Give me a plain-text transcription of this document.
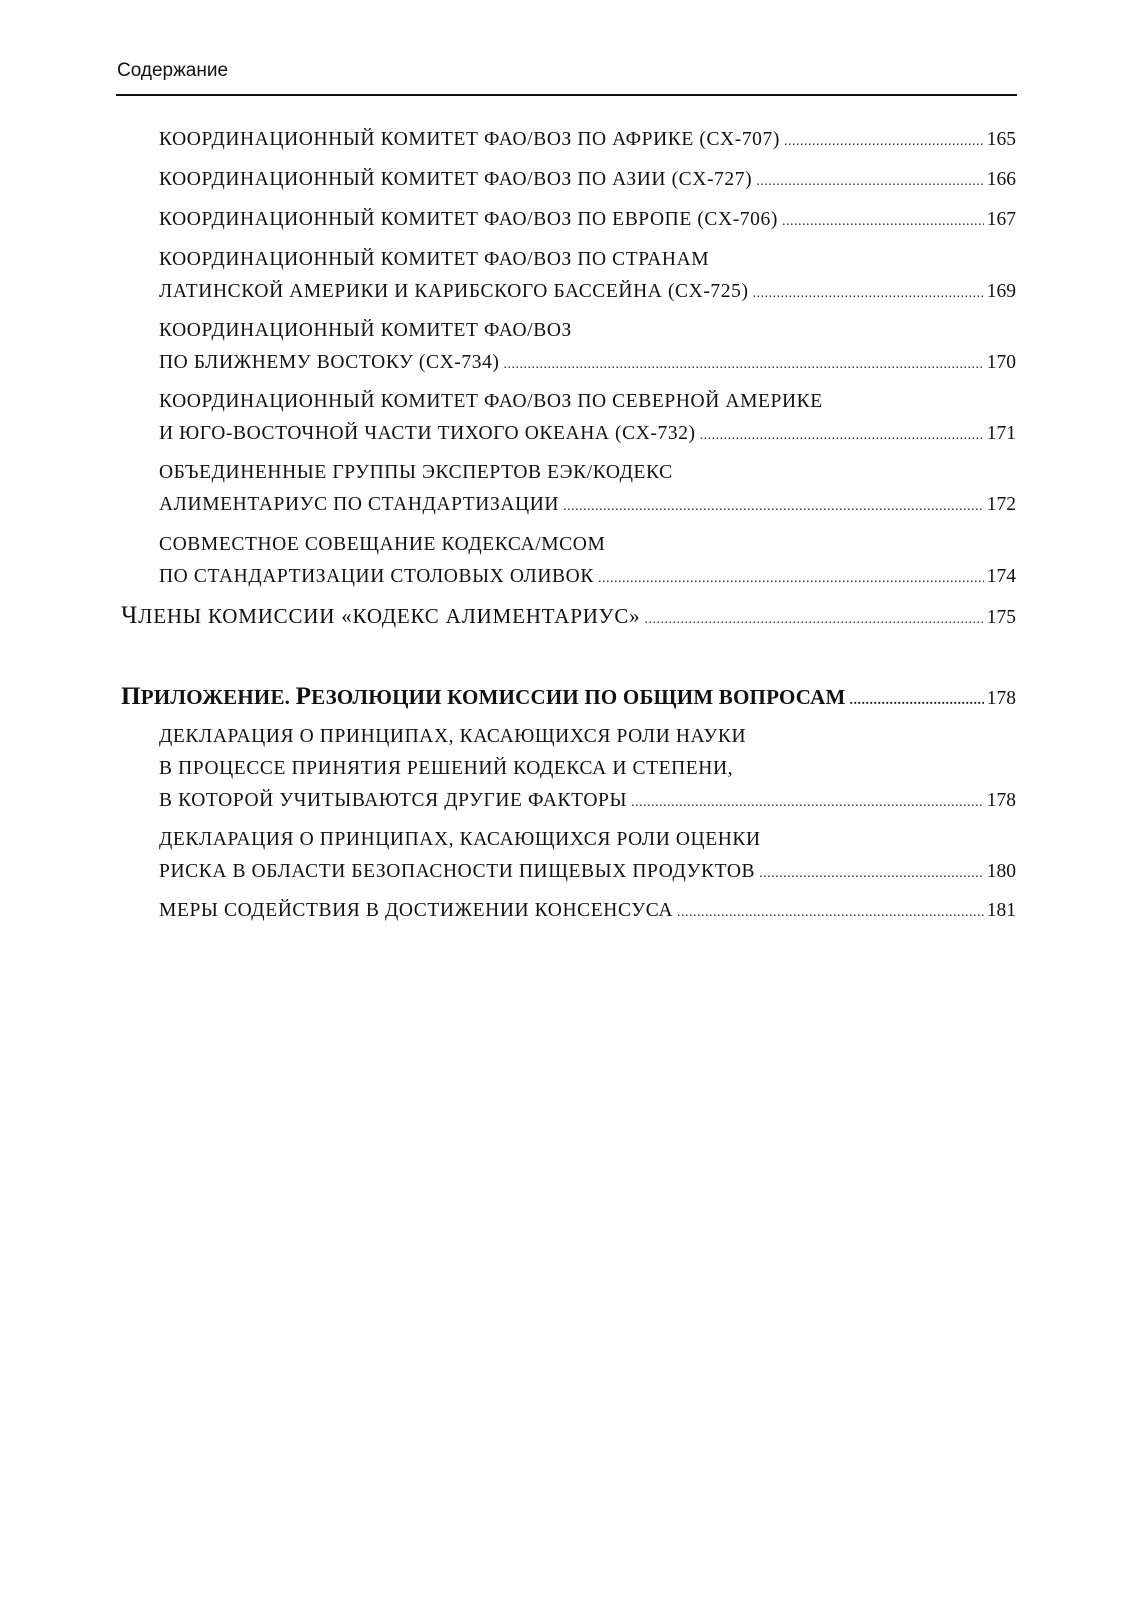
Содержание
КООРДИНАЦИОННЫЙ КОМИТЕТ ФАО/ВОЗ ПО АФРИКЕ (CX-707) .....	165
КООРДИНАЦИОННЫЙ КОМИТЕТ ФАО/ВОЗ ПО АЗИИ (CX-727) .....	166
КООРДИНАЦИОННЫЙ КОМИТЕТ ФАО/ВОЗ ПО ЕВРОПЕ (CX-706) .....	167
КООРДИНАЦИОННЫЙ КОМИТЕТ ФАО/ВОЗ ПО СТРАНАМ
ЛАТИНСКОЙ АМЕРИКИ И КАРИБСКОГО БАССЕЙНА (CX-725) .....	169
КООРДИНАЦИОННЫЙ КОМИТЕТ ФАО/ВОЗ
ПО БЛИЖНЕМУ ВОСТОКУ (CX-734) .....	170
КООРДИНАЦИОННЫЙ КОМИТЕТ ФАО/ВОЗ ПО СЕВЕРНОЙ АМЕРИКЕ
И ЮГО-ВОСТОЧНОЙ ЧАСТИ ТИХОГО ОКЕАНА (CX-732) .....	171
ОБЪЕДИНЕННЫЕ ГРУППЫ ЭКСПЕРТОВ ЕЭК/КОДЕКС
АЛИМЕНТАРИУС ПО СТАНДАРТИЗАЦИИ .....	172
СОВМЕСТНОЕ СОВЕЩАНИЕ КОДЕКСА/МСОМ
ПО СТАНДАРТИЗАЦИИ СТОЛОВЫХ ОЛИВОК .....	174
ЧЛЕНЫ КОМИССИИ «КОДЕКС АЛИМЕНТАРИУС» .....	175
ПРИЛОЖЕНИЕ. РЕЗОЛЮЦИИ КОМИССИИ ПО ОБЩИМ ВОПРОСАМ .....	178
ДЕКЛАРАЦИЯ О ПРИНЦИПАХ, КАСАЮЩИХСЯ РОЛИ НАУКИ
В ПРОЦЕССЕ ПРИНЯТИЯ РЕШЕНИЙ КОДЕКСА И СТЕПЕНИ,
В КОТОРОЙ УЧИТЫВАЮТСЯ ДРУГИЕ ФАКТОРЫ .....	178
ДЕКЛАРАЦИЯ О ПРИНЦИПАХ, КАСАЮЩИХСЯ РОЛИ ОЦЕНКИ
РИСКА В ОБЛАСТИ БЕЗОПАСНОСТИ ПИЩЕВЫХ ПРОДУКТОВ .....	180
МЕРЫ СОДЕЙСТВИЯ В ДОСТИЖЕНИИ КОНСЕНСУСА .....	181
